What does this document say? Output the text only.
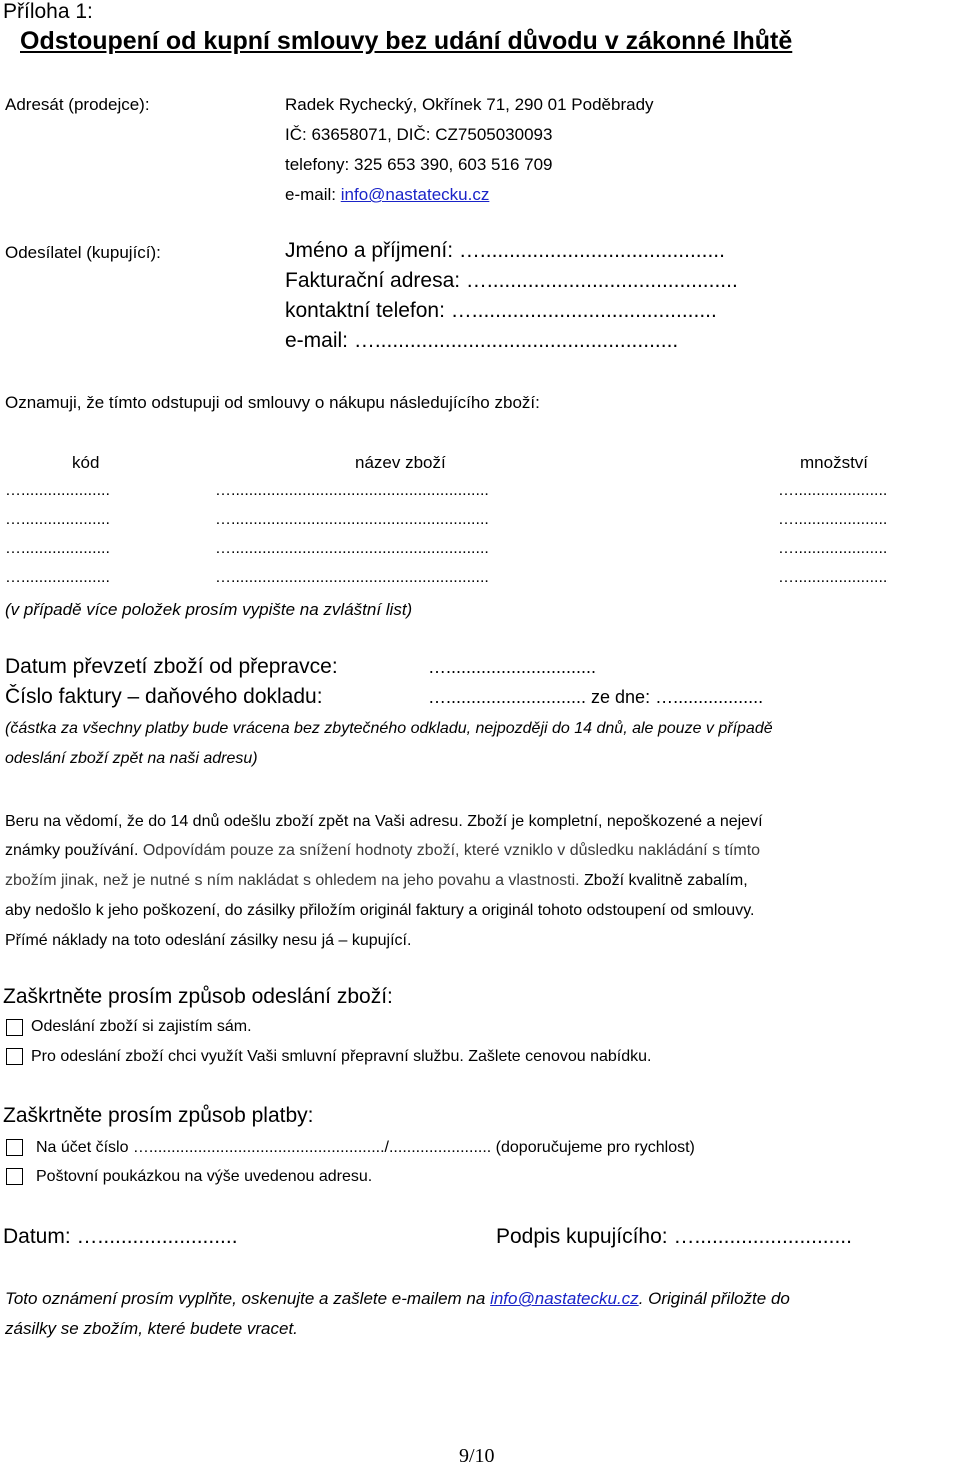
Příloha 1:
Odstoupení od kupní smlouvy bez udání důvodu v zákonné lhůtě
Adresát (prodejce):	Radek Rychecký, Okřínek 71, 290 01 Poděbrady
IČ: 63658071, DIČ: CZ7505030093
telefony: 325 653 390, 603 516 709
e-mail: info@nastatecku.cz
Odesílatel (kupující):	Jméno a příjmení: …..........................................
Fakturační adresa: …...........................................
kontaktní telefon: …..........................................
e-mail: …....................................................
Oznamuji, že tímto odstupuji od smlouvy o nákupu následujícího zboží:
kód	název zboží	množství
…....................	…..........................................................	….....................
…....................	…..........................................................	….....................
…....................	…..........................................................	….....................
…....................	…..........................................................	….....................
(v případě více položek prosím vypište na zvláštní list)
Datum převzetí zboží od přepravce:	…..............................
Číslo faktury – daňového dokladu:	…............................ ze dne: …..................
(částka za všechny platby bude vrácena bez zbytečného odkladu, nejpozději do 14 dnů, ale pouze v případě
odeslání zboží zpět na naši adresu)
Beru na vědomí, že do 14 dnů odešlu zboží zpět na Vaši adresu. Zboží je kompletní, nepoškozené a nejeví
známky používání. Odpovídám pouze za snížení hodnoty zboží, které vzniklo v důsledku nakládání s tímto
zbožím jinak, než je nutné s ním nakládat s ohledem na jeho povahu a vlastnosti. Zboží kvalitně zabalím,
aby nedošlo k jeho poškození, do zásilky přiložím originál faktury a originál tohoto odstoupení od smlouvy.
Přímé náklady na toto odeslání zásilky nesu já – kupující.
Zaškrtněte prosím způsob odeslání zboží:
Odeslání zboží si zajistím sám.
Pro odeslání zboží chci využít Vaši smluvní přepravní službu. Zašlete cenovou nabídku.
Zaškrtněte prosím způsob platby:
Na účet číslo …...................................................../....................... (doporučujeme pro rychlost)
Poštovní poukázkou na výše uvedenou adresu.
Datum: …........................	Podpis kupujícího: …...........................
Toto oznámení prosím vyplňte, oskenujte a zašlete e-mailem na info@nastatecku.cz. Originál přiložte do
zásilky se zbožím, které budete vracet.
9/10
